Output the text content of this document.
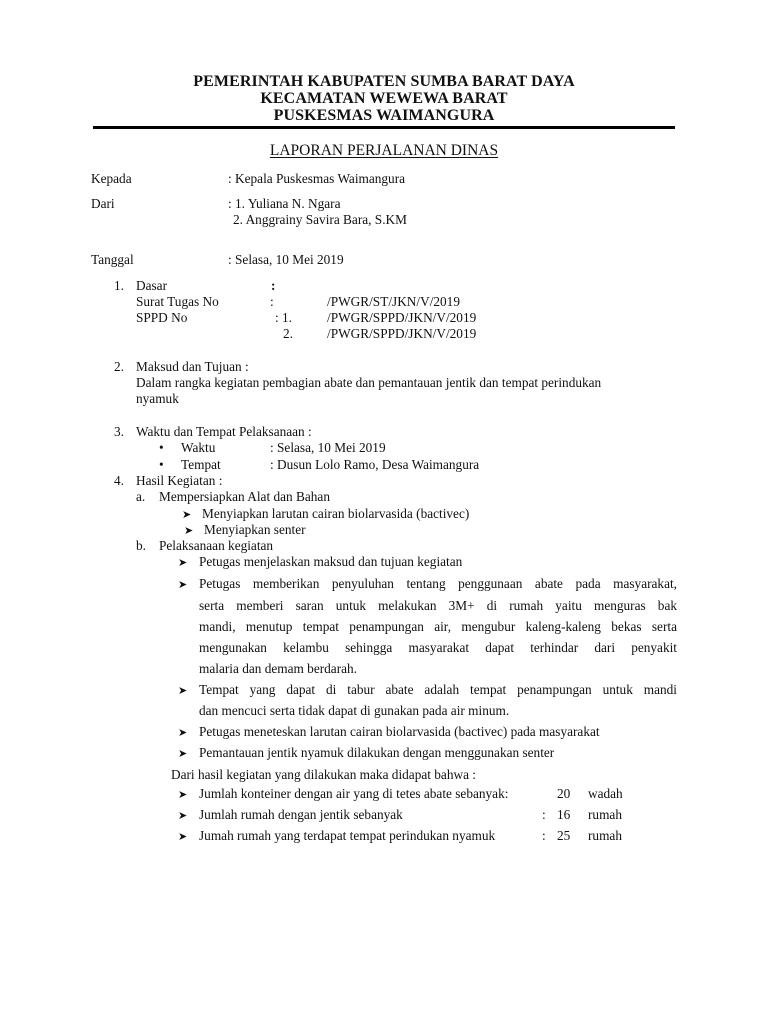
PEMERINTAH KABUPATEN SUMBA BARAT DAYA
KECAMATAN WEWEWA BARAT
PUSKESMAS WAIMANGURA
LAPORAN PERJALANAN DINAS
Kepada	: Kepala Puskesmas Waimangura
Dari	: 1. Yuliana N. Ngara
2. Anggrainy Savira Bara, S.KM
Tanggal	: Selasa, 10 Mei 2019
1. Dasar	:
Surat Tugas No	:	/PWGR/ST/JKN/V/2019
SPPD No	: 1.	/PWGR/SPPD/JKN/V/2019
2.	/PWGR/SPPD/JKN/V/2019
2. Maksud dan Tujuan :
Dalam rangka kegiatan pembagian abate dan pemantauan jentik dan tempat perindukan
nyamuk
3. Waktu dan Tempat Pelaksanaan :
• Waktu	: Selasa, 10 Mei 2019
• Tempat	: Dusun Lolo Ramo, Desa Waimangura
4. Hasil Kegiatan :
a. Mempersiapkan Alat dan Bahan
➤ Menyiapkan larutan cairan biolarvasida (bactivec)
➤ Menyiapkan senter
b. Pelaksanaan kegiatan
➤ Petugas menjelaskan maksud dan tujuan kegiatan
➤ Petugas memberikan penyuluhan tentang penggunaan abate pada masyarakat,
serta memberi saran untuk melakukan 3M+ di rumah yaitu menguras bak
mandi, menutup tempat penampungan air, mengubur kaleng-kaleng bekas serta
mengunakan kelambu sehingga masyarakat dapat terhindar dari penyakit
malaria dan demam berdarah.
➤ Tempat yang dapat di tabur abate adalah tempat penampungan untuk mandi
dan mencuci serta tidak dapat di gunakan pada air minum.
➤ Petugas meneteskan larutan cairan biolarvasida (bactivec) pada masyarakat
➤ Pemantauan jentik nyamuk dilakukan dengan menggunakan senter
Dari hasil kegiatan yang dilakukan maka didapat bahwa :
➤ Jumlah konteiner dengan air yang di tetes abate sebanyak:	20 wadah
➤ Jumlah rumah dengan jentik sebanyak	: 16 rumah
➤ Jumah rumah yang terdapat tempat perindukan nyamuk	: 25 rumah
